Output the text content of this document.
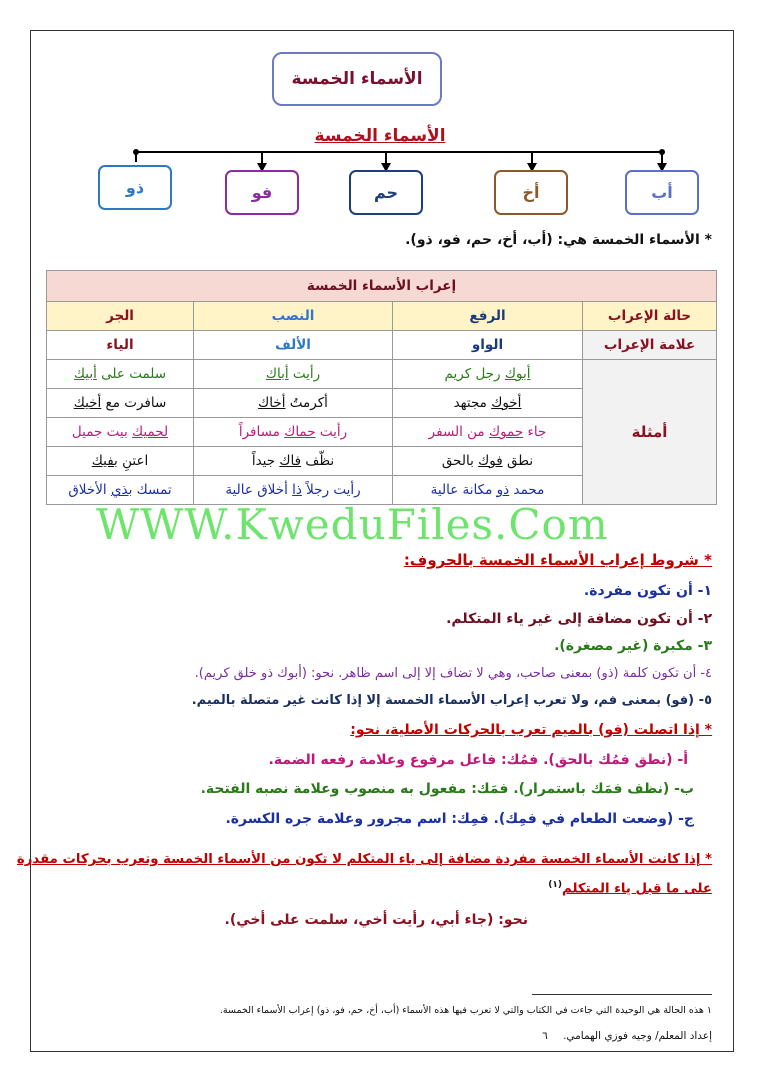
الأسماء الخمسة
الأسماء الخمسة
أب
أخ
حم
فو
ذو
* الأسماء الخمسة هي: (أب، أخ، حم، فو، ذو).
إعراب الأسماء الخمسة			
حالة الإعراب	الرفع	النصب	الجر
علامة الإعراب	الواو	الألف	الياء
أمثلة	أبوك رجل كريم	رأيت أباك	سلمت على أبيك
	أخوك مجتهد	أكرمتُ أخاك	سافرت مع أخيك
	جاء حموك من السفر	رأيت حماك مسافراً	لحميك بيت جميل
	نطق فوك بالحق	نظّف فاك جيداً	اعتنِ بفيك
	محمد ذو مكانة عالية	رأيت رجلاً ذا أخلاق عالية	تمسك بذي الأخلاق
WWW.KweduFiles.Com
* شروط إعراب الأسماء الخمسة بالحروف:
١- أن تكون مفردة.
٢- أن تكون مضافة إلى غير ياء المتكلم.
٣- مكبرة (غير مصغرة).
٤- أن تكون كلمة (ذو) بمعنى صاحب، وهي لا تضاف إلا إلى اسم ظاهر. نحو: (أبوك ذو خلق كريم).
٥- (فو) بمعنى فم، ولا تعرب إعراب الأسماء الخمسة إلا إذا كانت غير متصلة بالميم.
* إذا اتصلت (فو) بالميم تعرب بالحركات الأصلية، نحو:
أ- (نطق فمُك بالحق). فمُك: فاعل مرفوع وعلامة رفعه الضمة.
ب- (نظف فمَك باستمرار). فمَك: مفعول به منصوب وعلامة نصبه الفتحة.
ج- (وضعت الطعام في فمِك). فمِك: اسم مجرور وعلامة جره الكسرة.
* إذا كانت الأسماء الخمسة مفردة مضافة إلى ياء المتكلم لا تكون من الأسماء الخمسة وتعرب بحركات مقدرة
على ما قبل ياء المتكلم$^{(١)}$
نحو: (جاء أبي، رأيت أخي، سلمت على أخي).
١ هذه الحالة هي الوحيدة التي جاءت في الكتاب والتي لا تعرب فيها هذه الأسماء (أب، أخ، حم، فو، ذو) إعراب الأسماء الخمسة.
إعداد المعلم/ وجيه فوزي الهمامي. ٦
